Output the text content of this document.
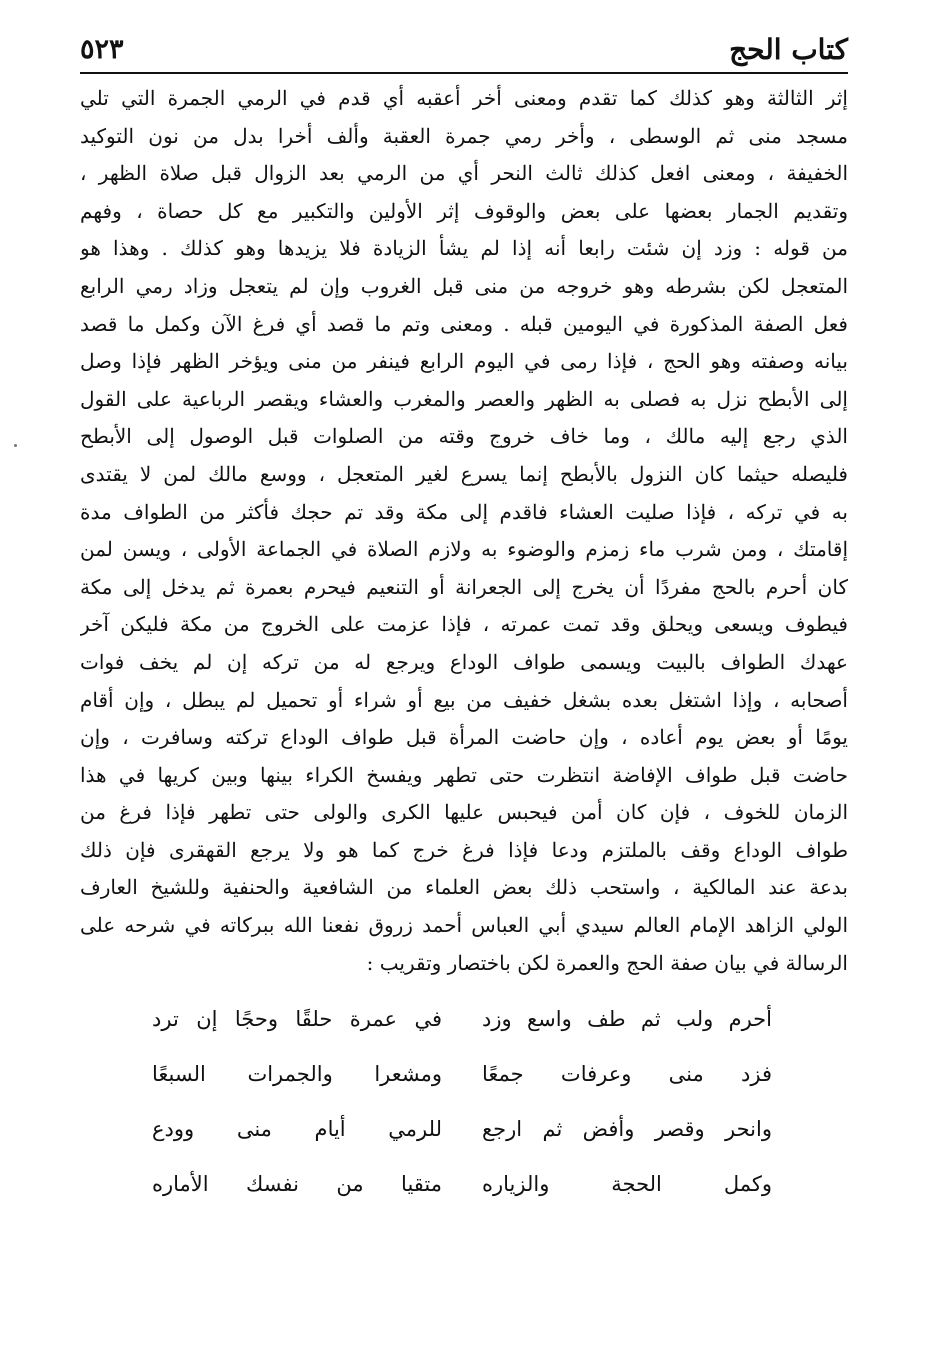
كتاب الحج
٥٢٣
إثر الثالثة وهو كذلك كما تقدم ومعنى أخر أعقبه أي قدم في الرمي الجمرة التي تلي
مسجد منى ثم الوسطى ، وأخر رمي جمرة العقبة وألف أخرا بدل من نون التوكيد
الخفيفة ، ومعنى افعل كذلك ثالث النحر أي من الرمي بعد الزوال قبل صلاة الظهر ،
وتقديم الجمار بعضها على بعض والوقوف إثر الأولين والتكبير مع كل حصاة ، وفهم
من قوله : وزد إن شئت رابعا أنه إذا لم يشأ الزيادة فلا يزيدها وهو كذلك . وهذا هو
المتعجل لكن بشرطه وهو خروجه من منى قبل الغروب وإن لم يتعجل وزاد رمي الرابع
فعل الصفة المذكورة في اليومين قبله . ومعنى وتم ما قصد أي فرغ الآن وكمل ما قصد
بيانه وصفته وهو الحج ، فإذا رمى في اليوم الرابع فينفر من منى ويؤخر الظهر فإذا وصل
إلى الأبطح نزل به فصلى به الظهر والعصر والمغرب والعشاء ويقصر الرباعية على القول
الذي رجع إليه مالك ، وما خاف خروج وقته من الصلوات قبل الوصول إلى الأبطح
فليصله حيثما كان النزول بالأبطح إنما يسرع لغير المتعجل ، ووسع مالك لمن لا يقتدى
به في تركه ، فإذا صليت العشاء فاقدم إلى مكة وقد تم حجك فأكثر من الطواف مدة
إقامتك ، ومن شرب ماء زمزم والوضوء به ولازم الصلاة في الجماعة الأولى ، ويسن لمن
كان أحرم بالحج مفردًا أن يخرج إلى الجعرانة أو التنعيم فيحرم بعمرة ثم يدخل إلى مكة
فيطوف ويسعى ويحلق وقد تمت عمرته ، فإذا عزمت على الخروج من مكة فليكن آخر
عهدك الطواف بالبيت ويسمى طواف الوداع ويرجع له من تركه إن لم يخف فوات
أصحابه ، وإذا اشتغل بعده بشغل خفيف من بيع أو شراء أو تحميل لم يبطل ، وإن أقام
يومًا أو بعض يوم أعاده ، وإن حاضت المرأة قبل طواف الوداع تركته وسافرت ، وإن
حاضت قبل طواف الإفاضة انتظرت حتى تطهر ويفسخ الكراء بينها وبين كريها في هذا
الزمان للخوف ، فإن كان أمن فيحبس عليها الكرى والولى حتى تطهر فإذا فرغ من
طواف الوداع وقف بالملتزم ودعا فإذا فرغ خرج كما هو ولا يرجع القهقرى فإن ذلك
بدعة عند المالكية ، واستحب ذلك بعض العلماء من الشافعية والحنفية وللشيخ العارف
الولي الزاهد الإمام العالم سيدي أبي العباس أحمد زروق نفعنا الله ببركاته في شرحه على
الرسالة في بيان صفة الحج والعمرة لكن باختصار وتقريب :
أحرم ولب ثم طف واسع وزد
في عمرة حلقًا وحجًا إن ترد
فزد منى وعرفات جمعًا
ومشعرا والجمرات السبعًا
وانحر وقصر وأفض ثم ارجع
للرمي أيام منى وودع
وكمل الحجة والزياره
متقيا من نفسك الأماره
